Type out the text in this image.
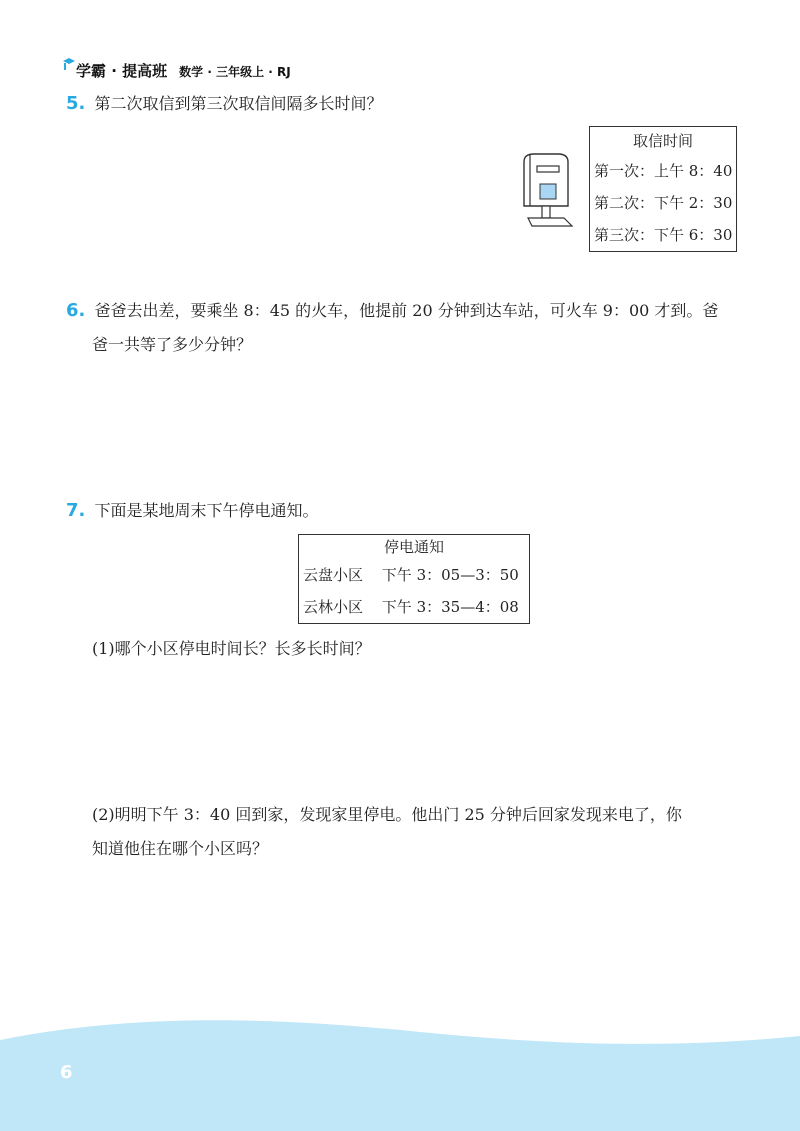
学霸 · 提高班 数学 · 三年级上 · RJ
5. 第二次取信到第三次取信间隔多长时间？
取信时间
第一次：上午 8：40
第二次：下午 2：30
第三次：下午 6：30
6. 爸爸去出差，要乘坐 8：45 的火车，他提前 20 分钟到达车站，可火车 9：00 才到。爸
爸一共等了多少分钟？
7. 下面是某地周末下午停电通知。
停电通知
云盘小区 下午 3：05—3：50
云林小区 下午 3：35—4：08
(1)哪个小区停电时间长？长多长时间？
(2)明明下午 3：40 回到家，发现家里停电。他出门 25 分钟后回家发现来电了，你
知道他住在哪个小区吗？
6
